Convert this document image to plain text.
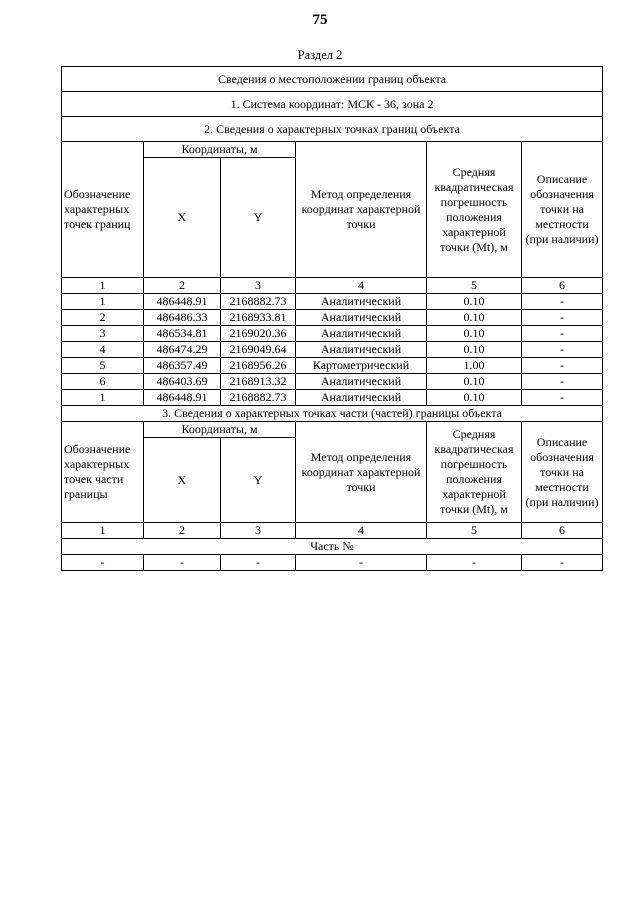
75
Раздел 2
Сведения о местоположении границ объекта					
1. Система координат: МСК - 36, зона 2					
2. Сведения о характерных точках границ объекта					
Обозначение характерных точек границ	Координаты, м		Метод определения координат характерной точки	Средняя квадратическая погрешность положения характерной точки (Mt), м	Описание обозначения точки на местности (при наличии)
	X	Y			
1	2	3	4	5	6
1	486448.91	2168882.73	Аналитический	0.10	-
2	486486.33	2168933.81	Аналитический	0.10	-
3	486534.81	2169020.36	Аналитический	0.10	-
4	486474.29	2169049.64	Аналитический	0.10	-
5	486357.49	2168956.26	Картометрический	1.00	-
6	486403.69	2168913.32	Аналитический	0.10	-
1	486448.91	2168882.73	Аналитический	0.10	-
3. Сведения о характерных точках части (частей) границы объекта					
Обозначение характерных точек части границы	Координаты, м		Метод определения координат характерной точки	Средняя квадратическая погрешность положения характерной точки (Mt), м	Описание обозначения точки на местности (при наличии)
	X	Y			
1	2	3	4	5	6
Часть №					
-	-	-	-	-	-
